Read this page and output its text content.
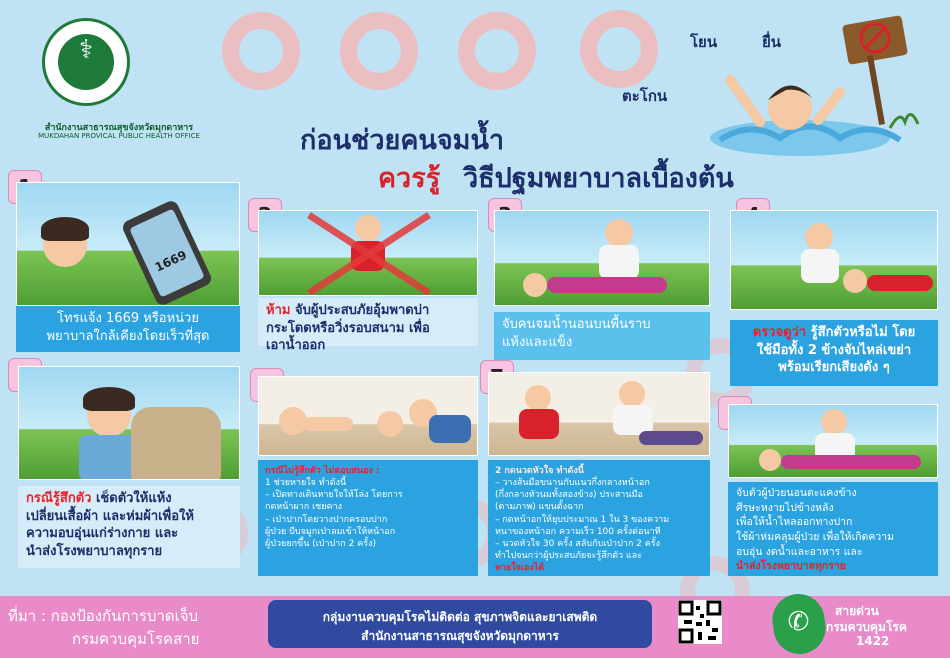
⚕
สำนักงานสาธารณสุขจังหวัดมุกดาหาร
MUKDAHAN PROVICAL PUBLIC HEALTH OFFICE	ก่อนช่วยคนจมน้ำ
ควรรู้ วิธีปฐมพยาบาลเบื้องต้น
โยน	ยื่น
ตะโกน
1669
โทรแจ้ง 1669 หรือหน่วย
พยาบาลใกล้เคียงโดยเร็วที่สุด
ห้าม จับผู้ประสบภัยอุ้มพาดบ่า
กระโดดหรือวิ่งรอบสนาม เพื่อ
เอาน้ำออก
จับคนจมน้ำนอนบนพื้นราบ
แห้งและแข็ง
ตรวจดูว่า รู้สึกตัวหรือไม่ โดย
ใช้มือทั้ง 2 ข้างจับไหล่เขย่า
พร้อมเรียกเสียงดัง ๆ
กรณีรู้สึกตัว เช็ดตัวให้แห้ง
เปลี่ยนเสื้อผ้า และห่มผ้าเพื่อให้
ความอบอุ่นแก่ร่างกาย และ
นำส่งโรงพยาบาลทุกราย
กรณีไม่รู้สึกตัว ไม่ตอบสนอง :
1 ช่วยหายใจ ทำดังนี้
– เปิดทางเดินหายใจให้โล่ง โดยการ
กดหน้าผาก เชยคาง
– เป่าปากโดยวางปากครอบปาก
ผู้ป่วย บีบจมูกเป่าลมเข้าให้หน้าอก
ผู้ป่วยยกขึ้น (เป่าปาก 2 ครั้ง)
2 กดนวดหัวใจ ทำดังนี้
– วางส้นมือขนานกับแนวกึ่งกลางหน้าอก
(กึ่งกลางหัวนมทั้งสองข้าง) ประสานมือ
(ตามภาพ) แขนตั้งฉาก
– กดหน้าอกให้ยุบประมาณ 1 ใน 3 ของความ
หนาของหน้าอก ความเร็ว 100 ครั้งต่อนาที
– นวดหัวใจ 30 ครั้ง สลับกับเป่าปาก 2 ครั้ง
ทำไปจนกว่าผู้ประสบภัยจะรู้สึกตัว และ
หายใจเองได้
จับตัวผู้ป่วยนอนตะแคงข้าง
ศีรษะหงายไปข้างหลัง
เพื่อให้น้ำไหลออกทางปาก
ใช้ผ้าห่มคลุมผู้ป่วย เพื่อให้เกิดความ
อบอุ่น งดน้ำและอาหาร และ
นำส่งโรงพยาบาลทุกราย
ที่มา : กองป้องกันการบาดเจ็บ
กรมควบคุมโรคสาย
กลุ่มงานควบคุมโรคไม่ติดต่อ สุขภาพจิตและยาเสพติด
สำนักงานสาธารณสุขจังหวัดมุกดาหาร	✆	สายด่วน
กรมควบคุมโรค
1422
